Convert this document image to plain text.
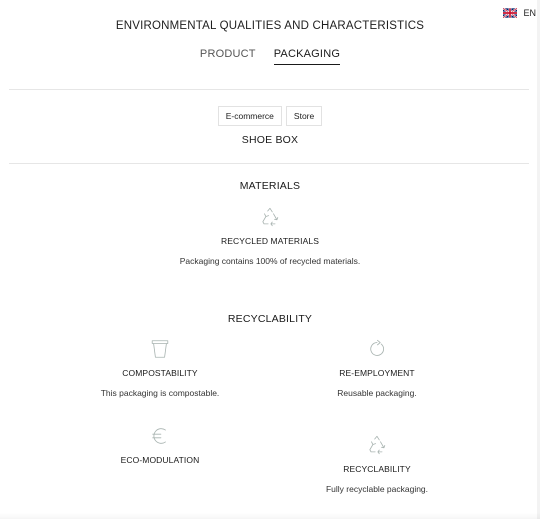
EN
ENVIRONMENTAL QUALITIES AND CHARACTERISTICS
PRODUCT PACKAGING
E-commerce	Store
SHOE BOX
MATERIALS
RECYCLED MATERIALS
Packaging contains 100% of recycled materials.
RECYCLABILITY
COMPOSTABILITY
This packaging is compostable.
RE-EMPLOYMENT
Reusable packaging.
ECO-MODULATION
RECYCLABILITY
Fully recyclable packaging.
